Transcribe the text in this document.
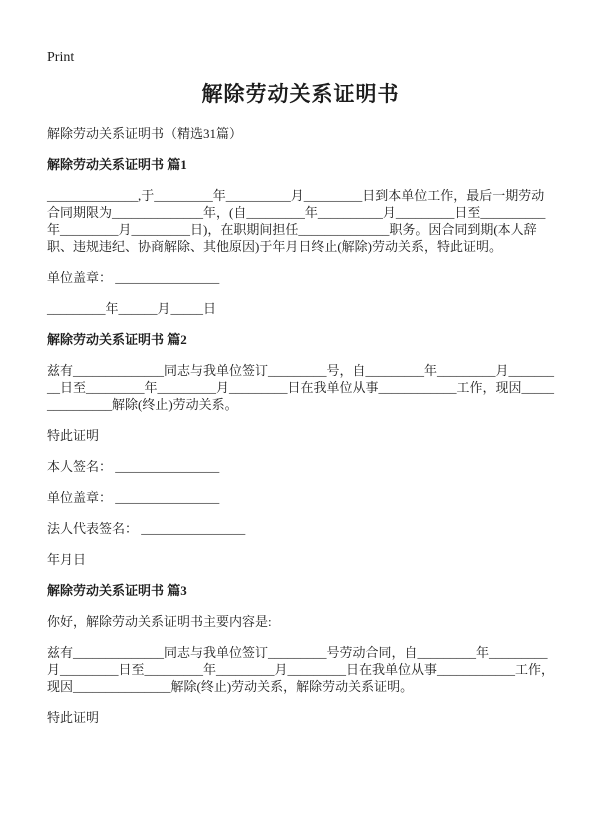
Print
解除劳动关系证明书

解除劳动关系证明书（精选31篇）

解除劳动关系证明书 篇1

______________,于_________年__________月_________日到本单位工作，最后一期劳动合同期限为______________年，(自_________年__________月_________日至__________年_________月_________日)，在职期间担任______________职务。因合同到期(本人辞职、违规违纪、协商解除、其他原因)于年月日终止(解除)劳动关系，特此证明。

单位盖章： ________________

_________年______月_____日

解除劳动关系证明书 篇2

兹有______________同志与我单位签订_________号，自_________年_________月_________日至_________年_________月_________日在我单位从事____________工作，现因_______________解除(终止)劳动关系。

特此证明

本人签名： ________________

单位盖章： ________________

法人代表签名： ________________

年月日

解除劳动关系证明书 篇3

你好，解除劳动关系证明书主要内容是:

兹有______________同志与我单位签订_________号劳动合同，自_________年_________月_________日至_________年_________月_________日在我单位从事____________工作，现因_______________解除(终止)劳动关系，解除劳动关系证明。

特此证明
